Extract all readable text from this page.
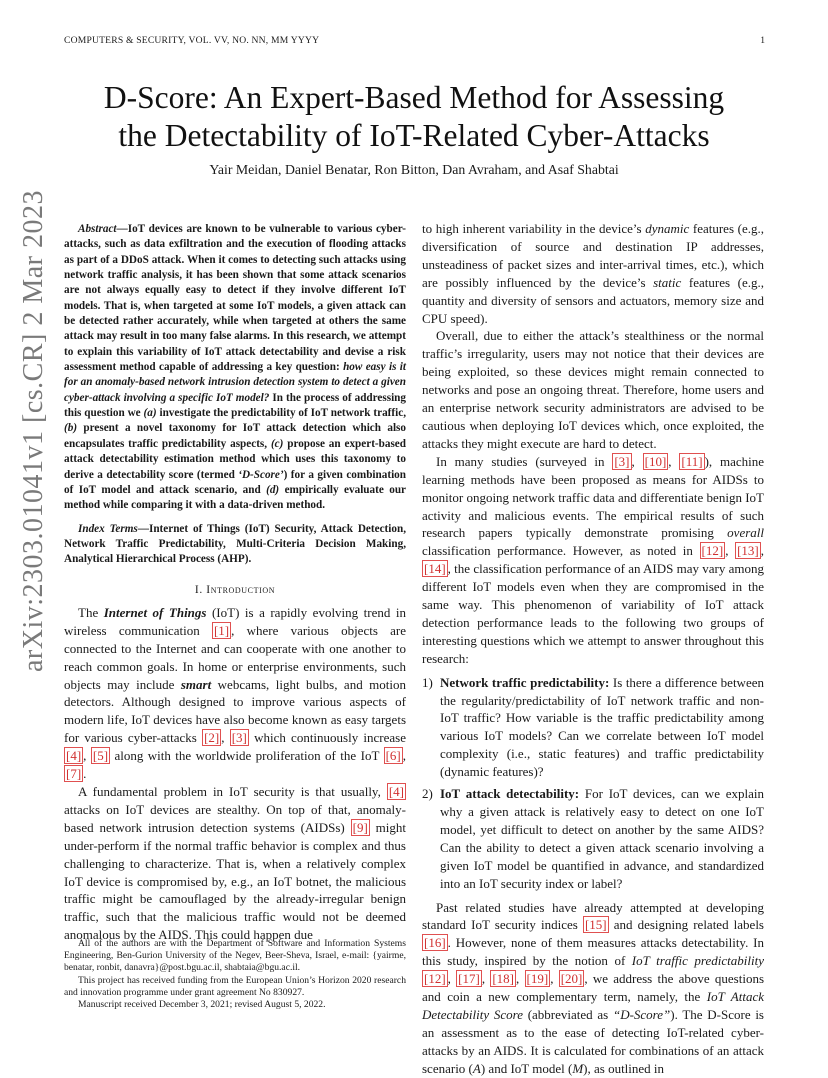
COMPUTERS & SECURITY, VOL. VV, NO. NN, MM YYYY	1
arXiv:2303.01041v1 [cs.CR] 2 Mar 2023
D-Score: An Expert-Based Method for Assessing
the Detectability of IoT-Related Cyber-Attacks
Yair Meidan, Daniel Benatar, Ron Bitton, Dan Avraham, and Asaf Shabtai

Abstract—IoT devices are known to be vulnerable to various cyber-attacks, such as data exfiltration and the execution of flooding attacks as part of a DDoS attack. When it comes to detecting such attacks using network traffic analysis, it has been shown that some attack scenarios are not always equally easy to detect if they involve different IoT models. That is, when targeted at some IoT models, a given attack can be detected rather accurately, while when targeted at others the same attack may result in too many false alarms. In this research, we attempt to explain this variability of IoT attack detectability and devise a risk assessment method capable of addressing a key question: how easy is it for an anomaly-based network intrusion detection system to detect a given cyber-attack involving a specific IoT model? In the process of addressing this question we (a) investigate the predictability of IoT network traffic, (b) present a novel taxonomy for IoT attack detection which also encapsulates traffic predictability aspects, (c) propose an expert-based attack detectability estimation method which uses this taxonomy to derive a detectability score (termed ‘D-Score’) for a given combination of IoT model and attack scenario, and (d) empirically evaluate our method while comparing it with a data-driven method.

Index Terms—Internet of Things (IoT) Security, Attack Detection, Network Traffic Predictability, Multi-Criteria Decision Making, Analytical Hierarchical Process (AHP).

I. Introduction

The Internet of Things (IoT) is a rapidly evolving trend in wireless communication [1] , where various objects are connected to the Internet and can cooperate with one another to reach common goals. In home or enterprise environments, such objects may include smart webcams, light bulbs, and motion detectors. Although designed to improve various aspects of modern life, IoT devices have also become known as easy targets for various cyber-attacks [2] , [3] which continuously increase [4] , [5] along with the worldwide proliferation of the IoT [6] , [7] .

A fundamental problem in IoT security is that usually, [4] attacks on IoT devices are stealthy. On top of that, anomaly-based network intrusion detection systems (AIDSs) [9] might under-perform if the normal traffic behavior is complex and thus challenging to characterize. That is, when a relatively complex IoT device is compromised by, e.g., an IoT botnet, the malicious traffic might be camouflaged by the already-irregular benign traffic, such that the malicious traffic would not be deemed anomalous by the AIDS. This could happen due

All of the authors are with the Department of Software and Information Systems Engineering, Ben-Gurion University of the Negev, Beer-Sheva, Israel, e-mail: {yairme, benatar, ronbit, danavra}@post.bgu.ac.il, shabtaia@bgu.ac.il.

This project has received funding from the European Union’s Horizon 2020 research and innovation programme under grant agreement No 830927.

Manuscript received December 3, 2021; revised August 5, 2022.

to high inherent variability in the device’s dynamic features (e.g., diversification of source and destination IP addresses, unsteadiness of packet sizes and inter-arrival times, etc.), which are possibly influenced by the device’s static features (e.g., quantity and diversity of sensors and actuators, memory size and CPU speed).

Overall, due to either the attack’s stealthiness or the normal traffic’s irregularity, users may not notice that their devices are being exploited, so these devices might remain connected to networks and pose an ongoing threat. Therefore, home users and an enterprise network security administrators are advised to be cautious when deploying IoT devices which, once exploited, the attacks they might execute are hard to detect.

In many studies (surveyed in [3] , [10] , [11] ), machine learning methods have been proposed as means for AIDSs to monitor ongoing network traffic data and differentiate benign IoT activity and malicious events. The empirical results of such research papers typically demonstrate promising overall classification performance. However, as noted in [12] , [13] , [14] , the classification performance of an AIDS may vary among different IoT models even when they are compromised in the same way. This phenomenon of variability of IoT attack detection performance leads to the following two groups of interesting questions which we attempt to answer throughout this research:

1) Network traffic predictability: Is there a difference between the regularity/predictability of IoT network traffic and non-IoT traffic? How variable is the traffic predictability among various IoT models? Can we correlate between IoT model complexity (i.e., static features) and traffic predictability (dynamic features)?
2) IoT attack detectability: For IoT devices, can we explain why a given attack is relatively easy to detect on one IoT model, yet difficult to detect on another by the same AIDS? Can the ability to detect a given attack scenario involving a given IoT model be quantified in advance, and standardized into an IoT security index or label?

Past related studies have already attempted at developing standard IoT security indices [15] and designing related labels [16] . However, none of them measures attacks detectability. In this study, inspired by the notion of IoT traffic predictability [12] , [17] , [18] , [19] , [20] , we address the above questions and coin a new complementary term, namely, the IoT Attack Detectability Score (abbreviated as “D-Score”). The D-Score is an assessment as to the ease of detecting IoT-related cyber-attacks by an AIDS. It is calculated for combinations of an attack scenario (A) and IoT model (M), as outlined in
